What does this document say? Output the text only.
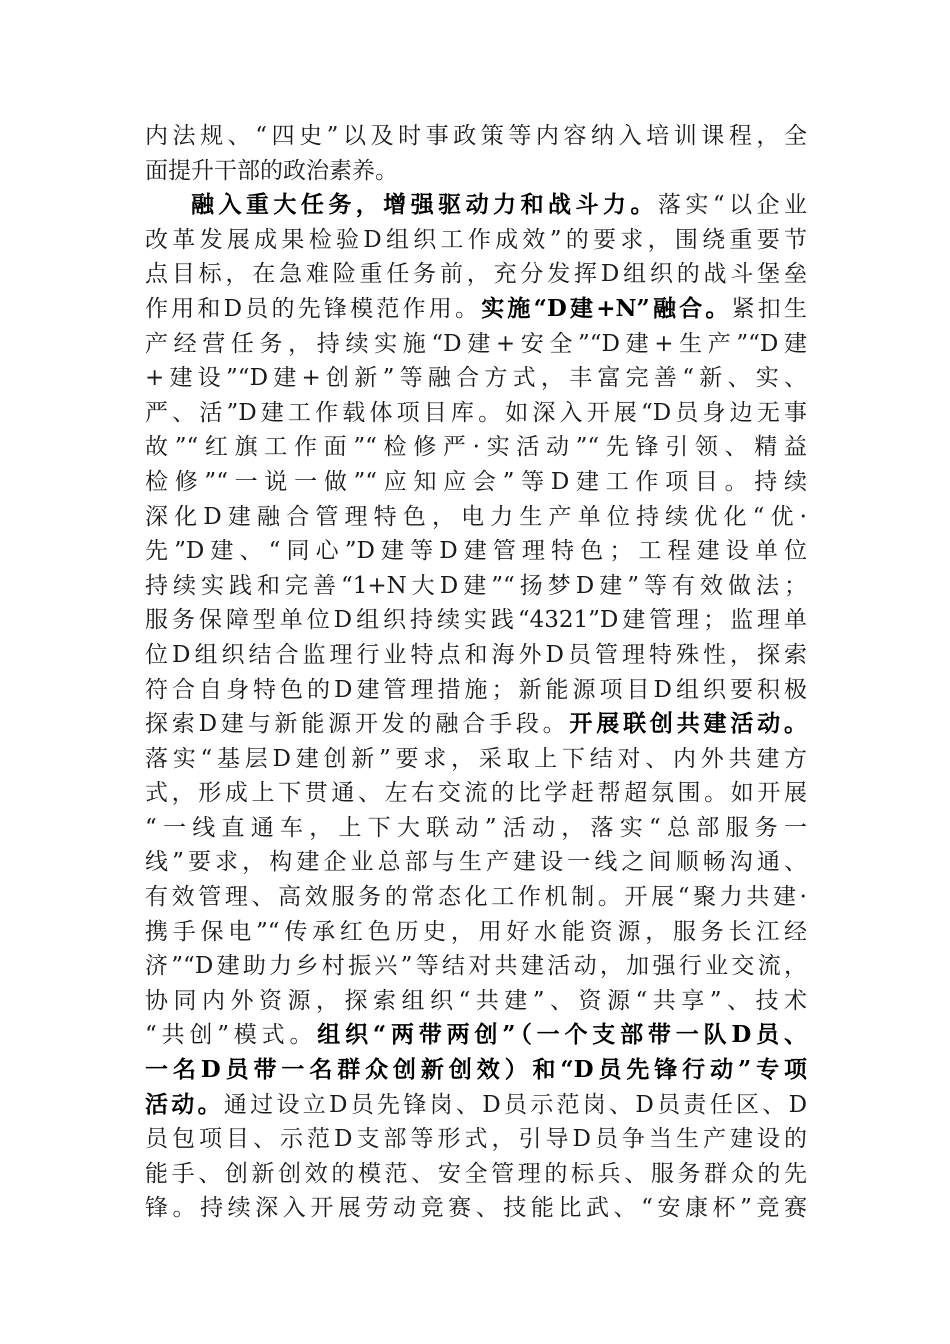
内法规、“四史”以及时事政策等内容纳入培训课程，全
面提升干部的政治素养。
融入重大任务，增强驱动力和战斗力。落实“以企业
改革发展成果检验D组织工作成效”的要求，围绕重要节
点目标，在急难险重任务前，充分发挥D组织的战斗堡垒
作用和D员的先锋模范作用。实施“D建+N”融合。紧扣生
产经营任务，持续实施“D建+安全”“D建+生产”“D建
+建设”“D建+创新”等融合方式，丰富完善“新、实、
严、活”D建工作载体项目库。如深入开展“D员身边无事
故”“红旗工作面”“检修严·实活动”“先锋引领、精益
检修”“一说一做”“应知应会”等D建工作项目。持续
深化D建融合管理特色，电力生产单位持续优化“优·
先”D建、“同心”D建等D建管理特色；工程建设单位
持续实践和完善“1+N大D建”“扬梦D建”等有效做法；
服务保障型单位D组织持续实践“4321”D建管理；监理单
位D组织结合监理行业特点和海外D员管理特殊性，探索
符合自身特色的D建管理措施；新能源项目D组织要积极
探索D建与新能源开发的融合手段。开展联创共建活动。
落实“基层D建创新”要求，采取上下结对、内外共建方
式，形成上下贯通、左右交流的比学赶帮超氛围。如开展
“一线直通车，上下大联动”活动，落实“总部服务一
线”要求，构建企业总部与生产建设一线之间顺畅沟通、
有效管理、高效服务的常态化工作机制。开展“聚力共建·
携手保电”“传承红色历史，用好水能资源，服务长江经
济”“D建助力乡村振兴”等结对共建活动，加强行业交流，
协同内外资源，探索组织“共建”、资源“共享”、技术
“共创”模式。组织“两带两创”（一个支部带一队D员、
一名D员带一名群众创新创效）和“D员先锋行动”专项
活动。通过设立D员先锋岗、D员示范岗、D员责任区、D
员包项目、示范D支部等形式，引导D员争当生产建设的
能手、创新创效的模范、安全管理的标兵、服务群众的先
锋。持续深入开展劳动竞赛、技能比武、“安康杯”竞赛
